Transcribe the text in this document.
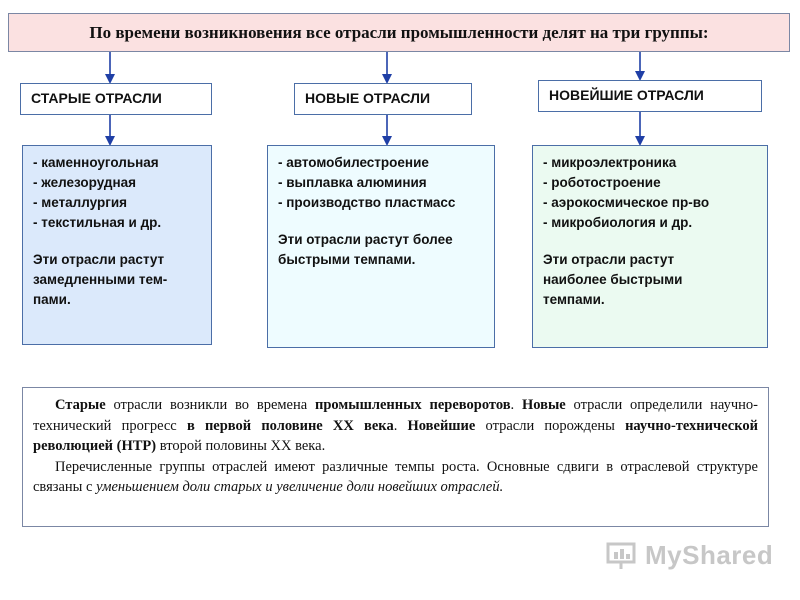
По времени возникновения все отрасли промышленности делят на три группы:
СТАРЫЕ ОТРАСЛИ	НОВЫЕ ОТРАСЛИ	НОВЕЙШИЕ ОТРАСЛИ
- каменноугольная
- железорудная
- металлургия
- текстильная и др.
Эти отрасли растут
замедленными тем-
пами.
- автомобилестроение
- выплавка алюминия
- производство пластмасс
Эти отрасли растут более
быстрыми темпами.
- микроэлектроника
- роботостроение
- аэрокосмическое пр-во
- микробиология и др.
Эти отрасли растут
наиболее быстрыми
темпами.

Старые отрасли возникли во времена промышленных переворотов. Новые отрасли определили научно-технический прогресс в первой половине XX века. Новейшие отрасли порождены научно-технической революцией (НТР) второй половины XX века.

Перечисленные группы отраслей имеют различные темпы роста. Основные сдвиги в отраслевой структуре связаны с уменьшением доли старых и увеличение доли новейших отраслей.

MyShared
